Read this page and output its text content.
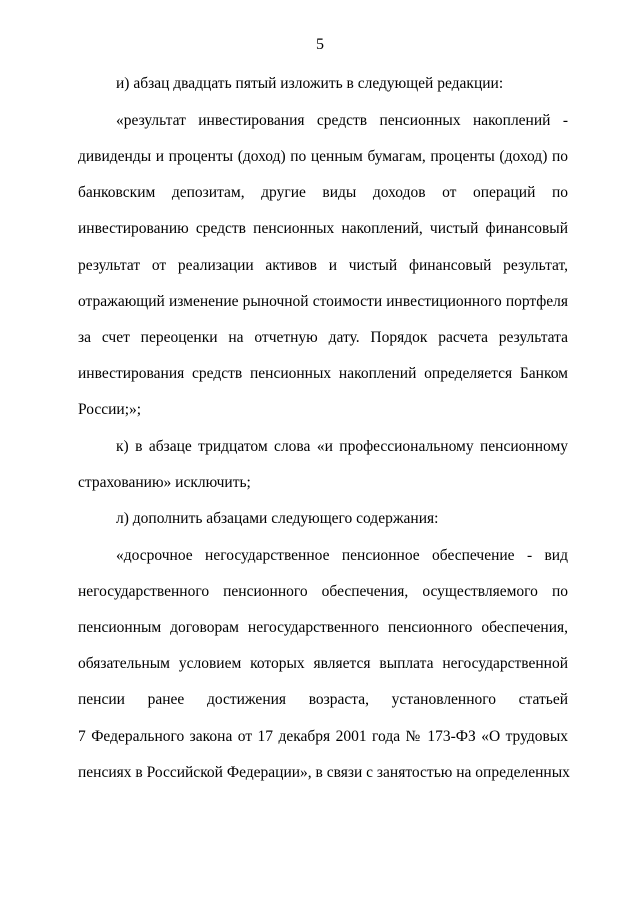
5
и) абзац двадцать пятый изложить в следующей редакции:
«результат инвестирования средств пенсионных накоплений -
дивиденды и проценты (доход) по ценным бумагам, проценты (доход) по
банковским депозитам, другие виды доходов от операций по
инвестированию средств пенсионных накоплений, чистый финансовый
результат от реализации активов и чистый финансовый результат,
отражающий изменение рыночной стоимости инвестиционного портфеля
за счет переоценки на отчетную дату. Порядок расчета результата
инвестирования средств пенсионных накоплений определяется Банком
России;»;
к) в абзаце тридцатом слова «и профессиональному пенсионному
страхованию» исключить;
л) дополнить абзацами следующего содержания:
«досрочное негосударственное пенсионное обеспечение - вид
негосударственного пенсионного обеспечения, осуществляемого по
пенсионным договорам негосударственного пенсионного обеспечения,
обязательным условием которых является выплата негосударственной
пенсии ранее достижения возраста, установленного статьей
7 Федерального закона от 17 декабря 2001 года № 173-ФЗ «О трудовых
пенсиях в Российской Федерации», в связи с занятостью на определенных
